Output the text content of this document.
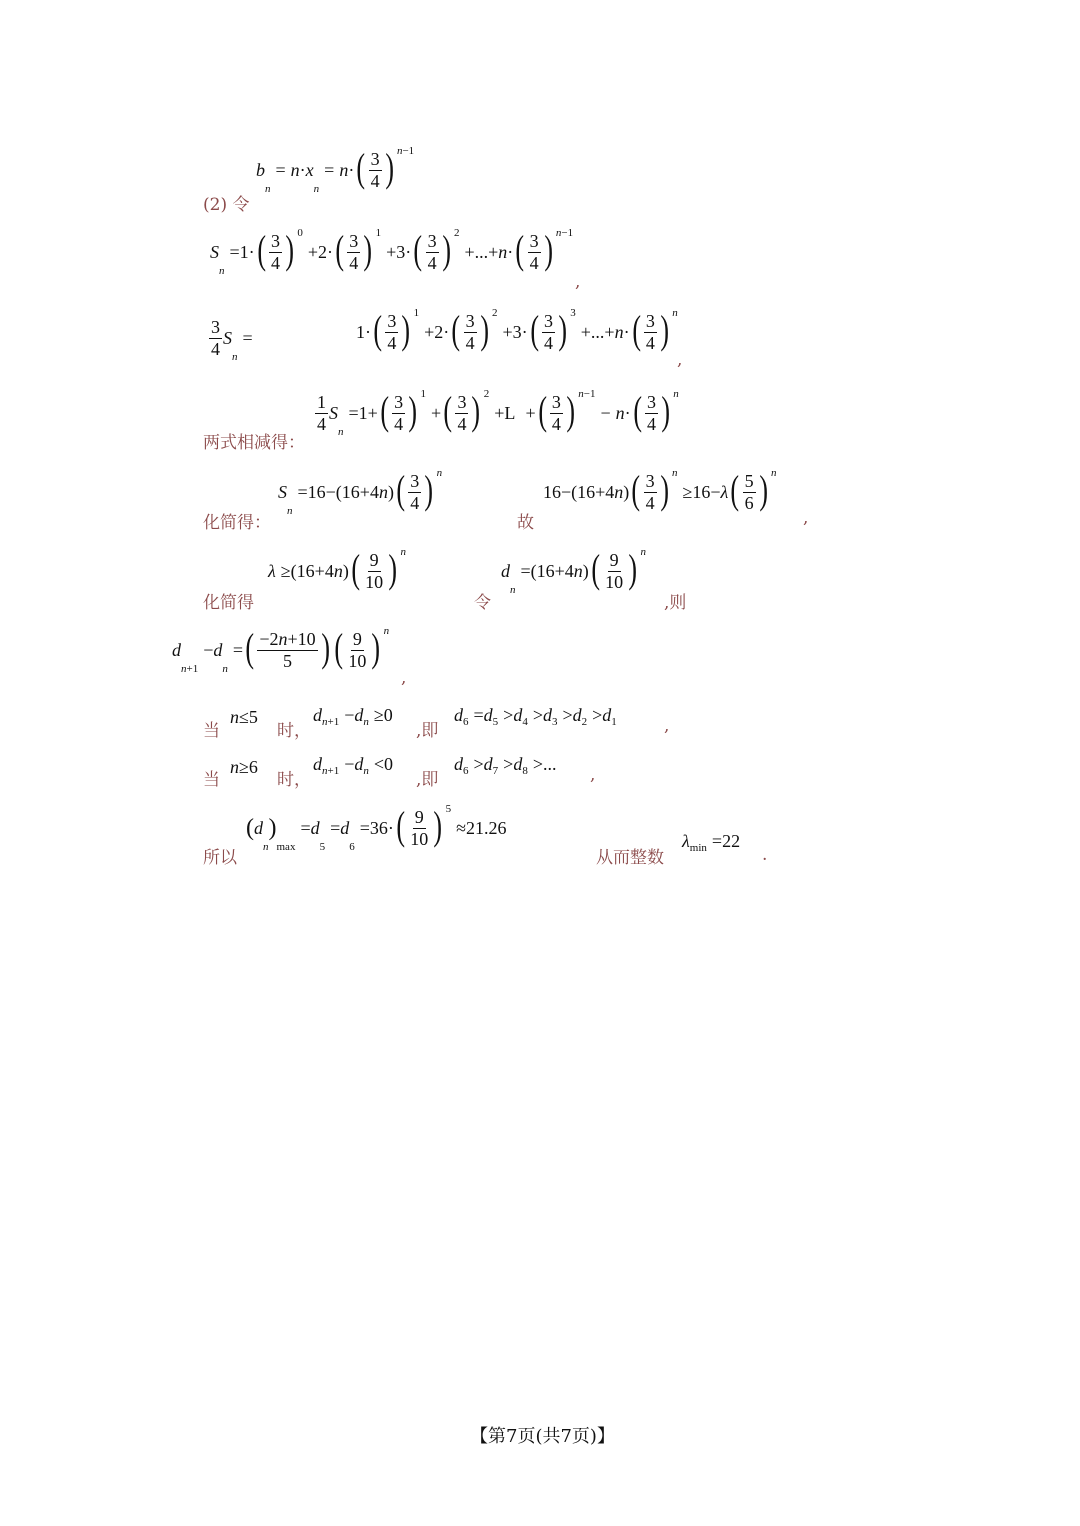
b
n
= n · x
n
= n · ( $\frac{3}{4}$ ) n−1
(2) 令
S
n
=1· ( $\frac{3}{4}$ ) 0
+2· ( $\frac{3}{4}$ ) 1
+3· ( $\frac{3}{4}$ ) 2
+...+ n · ( $\frac{3}{4}$ ) n−1
,
$\frac{3}{4}$ S
n
=	1· ( $\frac{3}{4}$ ) 1
+2· ( $\frac{3}{4}$ ) 2
+3· ( $\frac{3}{4}$ ) 3
+...+ n · ( $\frac{3}{4}$ ) n
,
$\frac{1}{4}$ S
n
=1+ ( $\frac{3}{4}$ ) 1
+ ( $\frac{3}{4}$ ) 2
+L + ( $\frac{3}{4}$ ) n−1
− n · ( $\frac{3}{4}$ ) n
两式相减得：
S
n
=16−(16+4 n ) ( $\frac{3}{4}$ ) n
16−(16+4 n ) ( $\frac{3}{4}$ ) n
≥16− λ ( $\frac{5}{6}$ ) n
化简得：	故	,
λ ≥(16+4 n ) ( $\frac{9}{10}$ ) n
d
n
=(16+4 n ) ( $\frac{9}{10}$ ) n
化简得	令	,则
d
n+1
− d
n
= ( $\frac{-2n+10}{5}$ ) ( $\frac{9}{10}$ ) n
,
当
n ≤5
时，
d n+1 − d n ≥0
,即
d 6 = d 5 > d 4 > d 3 > d 2 > d 1	,
当
n ≥6
时，
d n+1 − d n <0
,即
d 6 > d 7 > d 8 >...
,
( d
n
)
max
= d
5
= d
6
=36· ( $\frac{9}{10}$ ) 5
≈21.26
所以	从而整数
λ min =22
.
【第7页(共7页)】
